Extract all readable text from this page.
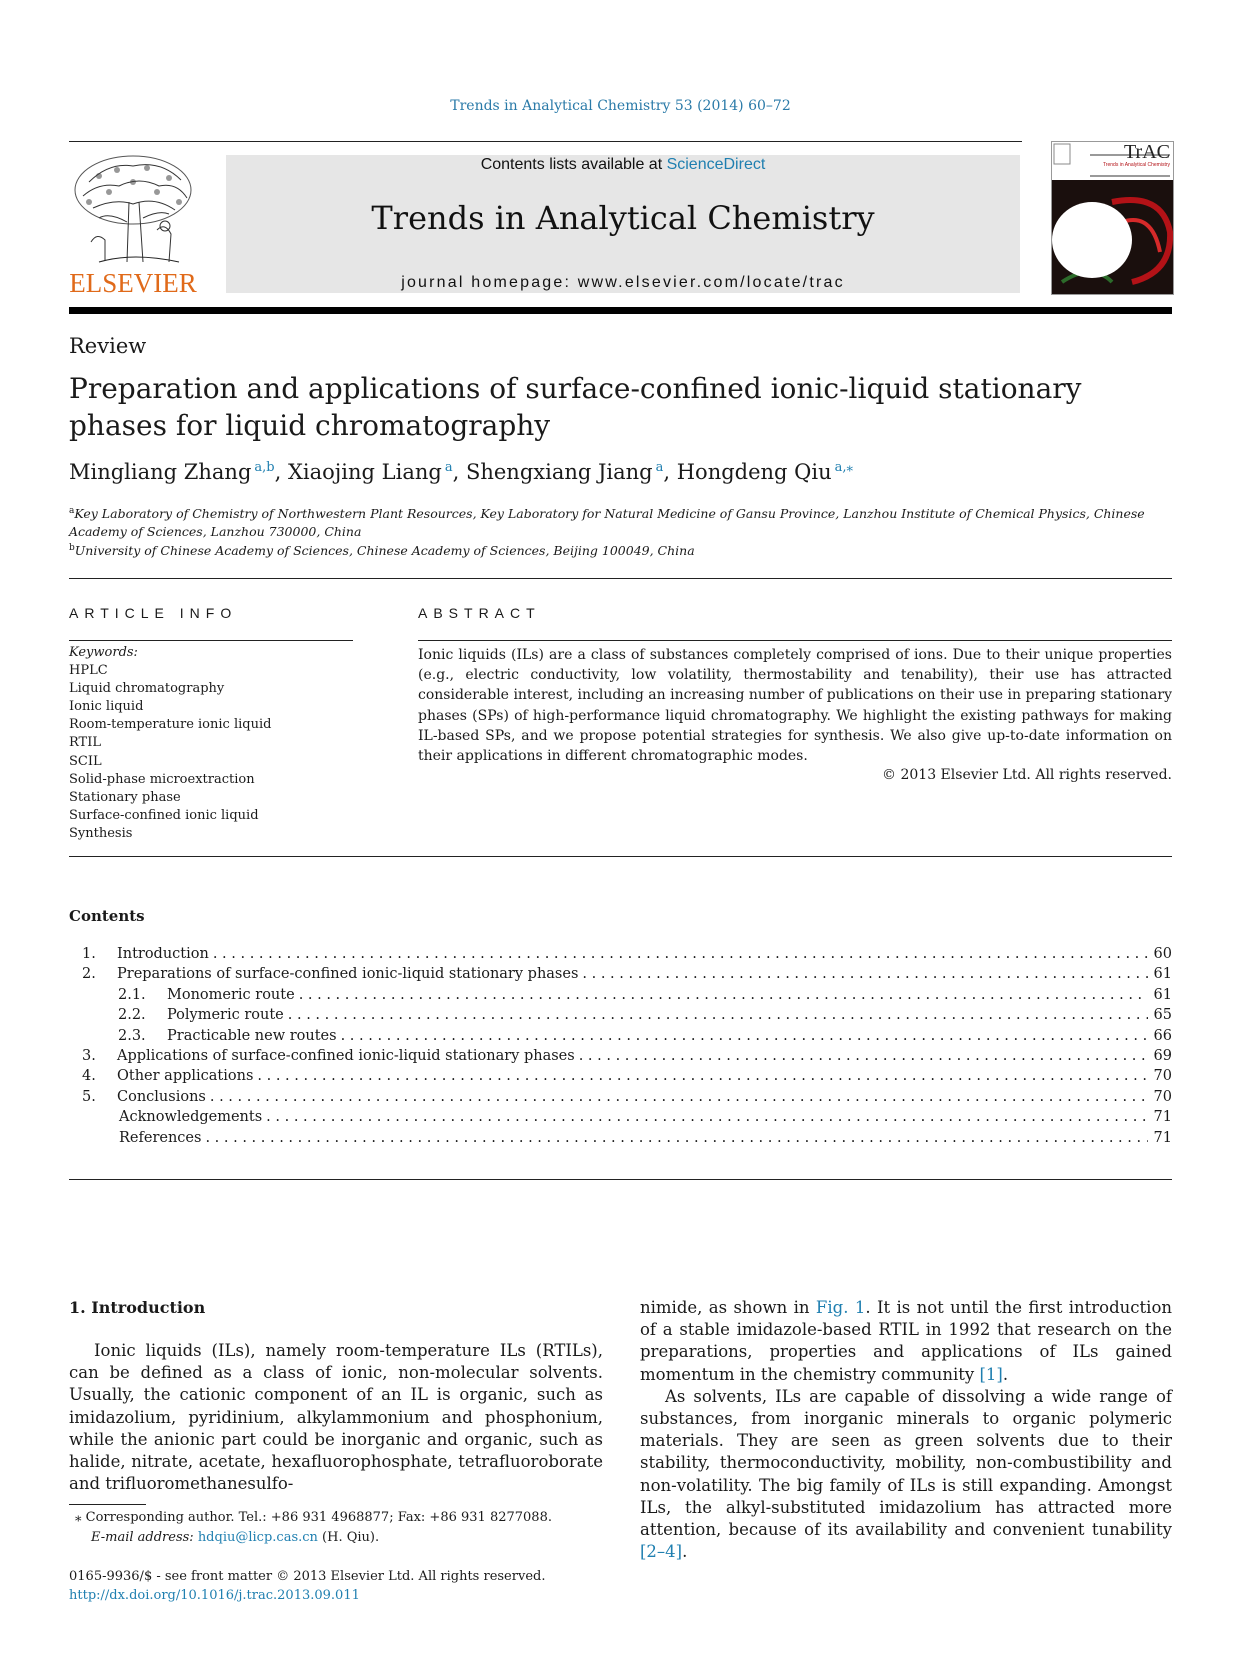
Trends in Analytical Chemistry 53 (2014) 60–72
ELSEVIER
Contents lists available at ScienceDirect
Trends in Analytical Chemistry
journal homepage: www.elsevier.com/locate/trac
TrAC
Trends in Analytical Chemistry
Review
Preparation and applications of surface-confined ionic-liquid stationary phases for liquid chromatography
Mingliang Zhang $^{a,b}$, Xiaojing Liang $^a$, Shengxiang Jiang $^a$, Hongdeng Qiu $^{a,⁎}$
$^a$Key Laboratory of Chemistry of Northwestern Plant Resources, Key Laboratory for Natural Medicine of Gansu Province, Lanzhou Institute of Chemical Physics, Chinese Academy of Sciences, Lanzhou 730000, China
$^b$University of Chinese Academy of Sciences, Chinese Academy of Sciences, Beijing 100049, China
ARTICLE INFO	ABSTRACT
Keywords:
HPLC
Liquid chromatography
Ionic liquid
Room-temperature ionic liquid
RTIL
SCIL
Solid-phase microextraction
Stationary phase
Surface-confined ionic liquid
Synthesis
Ionic liquids (ILs) are a class of substances completely comprised of ions. Due to their unique properties (e.g., electric conductivity, low volatility, thermostability and tenability), their use has attracted considerable interest, including an increasing number of publications on their use in preparing stationary phases (SPs) of high-performance liquid chromatography. We highlight the existing pathways for making IL-based SPs, and we propose potential strategies for synthesis. We also give up-to-date information on their applications in different chromatographic modes.
© 2013 Elsevier Ltd. All rights reserved.
Contents
1.	Introduction . . .	60
2.	Preparations of surface-confined ionic-liquid stationary phases . . .	61
2.1.	Monomeric route . . .	61
2.2.	Polymeric route . . .	65
2.3.	Practicable new routes . . .	66
3.	Applications of surface-confined ionic-liquid stationary phases . . .	69
4.	Other applications . . .	70
5.	Conclusions . . .	70
Acknowledgements . . .	71
References . . .	71
1. Introduction

Ionic liquids (ILs), namely room-temperature ILs (RTILs), can be defined as a class of ionic, non-molecular solvents. Usually, the cationic component of an IL is organic, such as imidazolium, pyridinium, alkylammonium and phosphonium, while the anionic part could be inorganic and organic, such as halide, nitrate, acetate, hexafluorophosphate, tetrafluoroborate and trifluoromethanesulfo-

nimide, as shown in Fig. 1. It is not until the first introduction of a stable imidazole-based RTIL in 1992 that research on the preparations, properties and applications of ILs gained momentum in the chemistry community [1].

As solvents, ILs are capable of dissolving a wide range of substances, from inorganic minerals to organic polymeric materials. They are seen as green solvents due to their stability, thermoconductivity, mobility, non-combustibility and non-volatility. The big family of ILs is still expanding. Amongst ILs, the alkyl-substituted imidazolium has attracted more attention, because of its availability and convenient tunability [2–4].

⁎ Corresponding author. Tel.: +86 931 4968877; Fax: +86 931 8277088.
E-mail address: hdqiu@licp.cas.cn (H. Qiu).
0165-9936/$ - see front matter © 2013 Elsevier Ltd. All rights reserved.
http://dx.doi.org/10.1016/j.trac.2013.09.011
